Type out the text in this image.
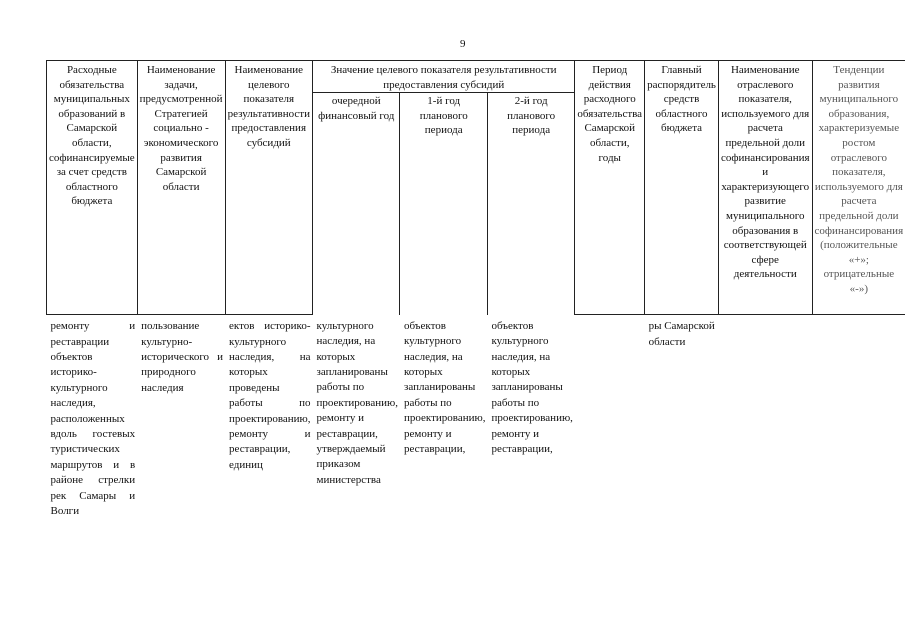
9
Расходные обязательства муниципальных образований в Самарской области, софинансируемые за счет средств областного бюджета	Наименование задачи, предусмотренной Стратегией социально - экономического развития Самарской области	Наименование целевого показателя результативности предоставления субсидий	Значение целевого показателя результативности предоставления субсидий			Период действия расходного обязательства Самарской области, годы	Главный распорядитель средств областного бюджета	Наименование отраслевого показателя, используемого для расчета предельной доли софинансирования и характеризующего развитие муниципального образования в соответствующей сфере деятельности	Тенденции развития муниципального образования, характеризуемые ростом отраслевого показателя, используемого для расчета предельной доли софинансирования (положительные «+»; отрицательные «-»)
			очередной финансовый год	1-й год планового периода	2-й год планового периода				
ремонту и реставрации объектов историко-культурного наследия, расположенных вдоль гостевых туристических маршрутов и в районе стрелки рек Самары и Волги	пользование культурно-исторического и природного наследия	ектов историко-культурного наследия, на которых проведены работы по проектированию, ремонту и реставрации, единиц	культурного наследия, на которых запланированы работы по проектированию, ремонту и реставрации, утверждаемый приказом министерства	объектов культурного наследия, на которых запланированы работы по проектированию, ремонту и реставрации,	объектов культурного наследия, на которых запланированы работы по проектированию, ремонту и реставрации,		ры Самарской области		
